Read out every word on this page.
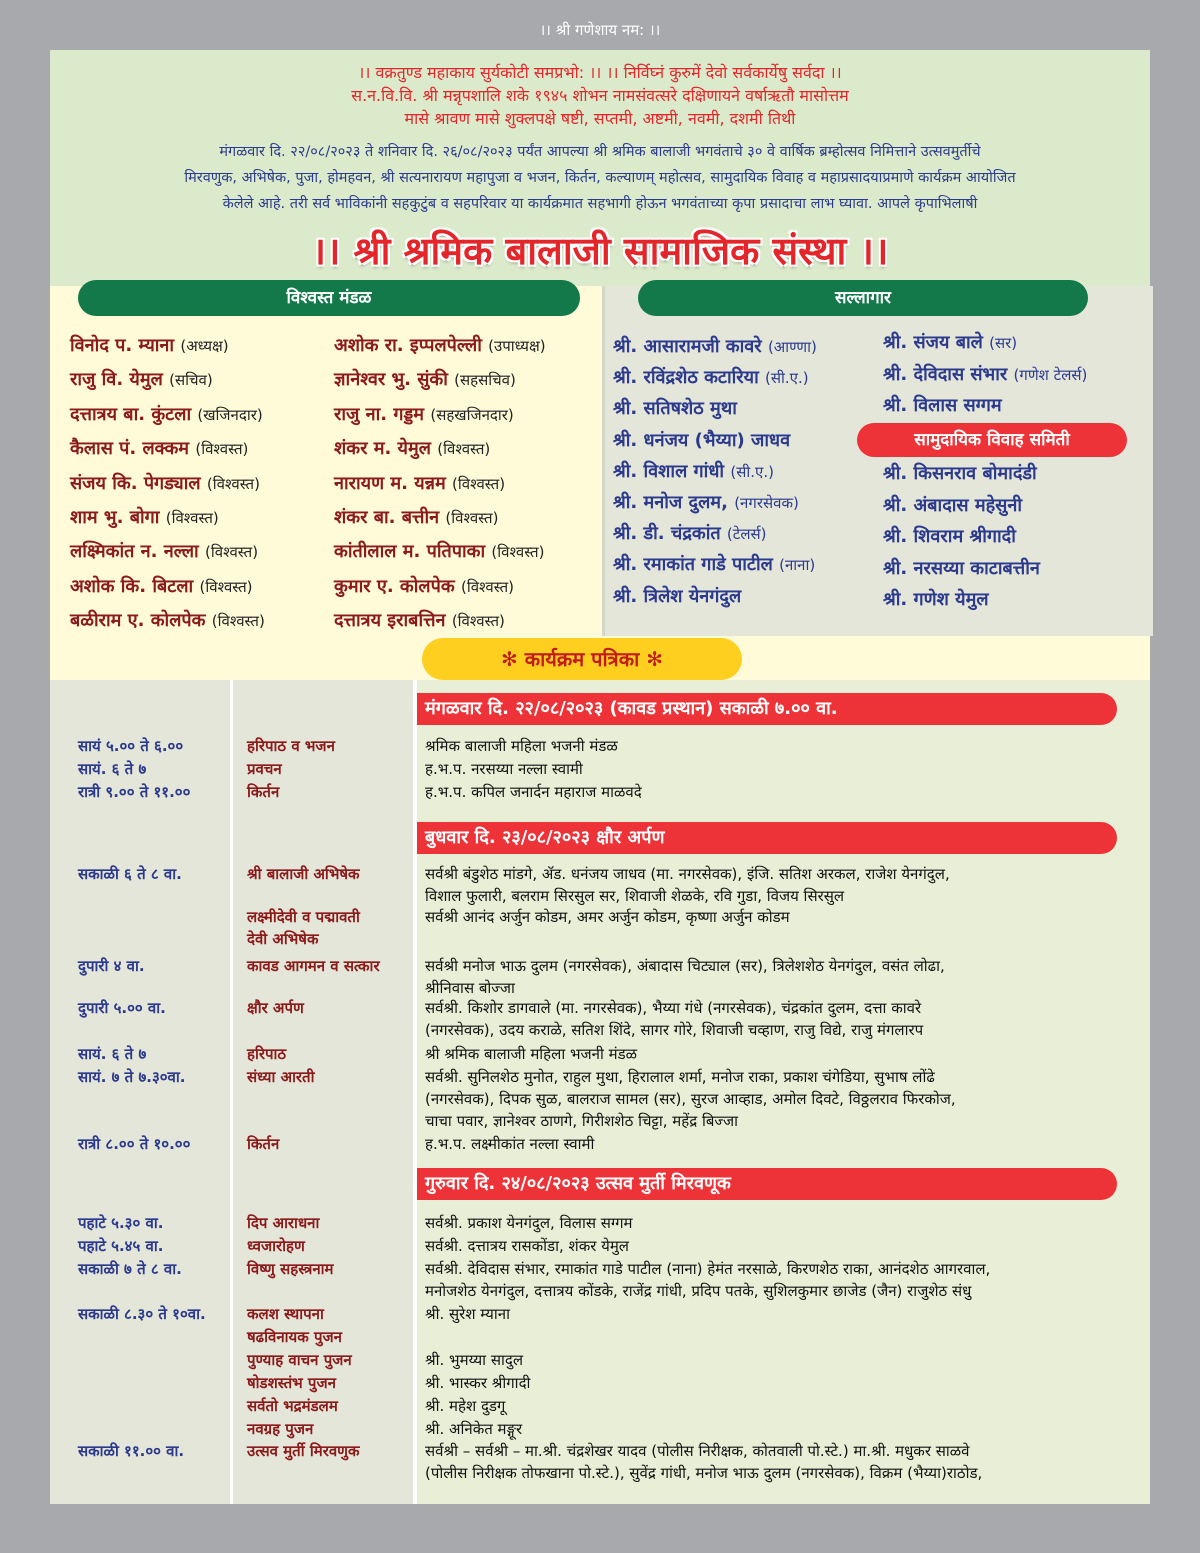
।। श्री गणेशाय नम: ।।
।। वक्रतुण्ड महाकाय सुर्यकोटी समप्रभो: ।। ।। निर्विघ्नं कुरुमें देवो सर्वकार्येषु सर्वदा ।।
स.न.वि.वि. श्री मन्नृपशालि शके १९४५ शोभन नामसंवत्सरे दक्षिणायने वर्षाऋतौ मासोत्तम
मासे श्रावण मासे शुक्लपक्षे षष्टी, सप्तमी, अष्टमी, नवमी, दशमी तिथी
मंगळवार दि. २२/०८/२०२३ ते शनिवार दि. २६/०८/२०२३ पर्यंत आपल्या श्री श्रमिक बालाजी भगवंताचे ३० वे वार्षिक ब्रम्होत्सव निमित्ताने उत्सवमुर्तीचे
मिरवणुक, अभिषेक, पुजा, होमहवन, श्री सत्यनारायण महापुजा व भजन, किर्तन, कल्याणम् महोत्सव, सामुदायिक विवाह व महाप्रसादयाप्रमाणे कार्यक्रम आयोजित
केलेले आहे. तरी सर्व भाविकांनी सहकुटुंब व सहपरिवार या कार्यक्रमात सहभागी होऊन भगवंताच्या कृपा प्रसादाचा लाभ घ्यावा. आपले कृपाभिलाषी
।। श्री श्रमिक बालाजी सामाजिक संस्था ।।
विश्वस्त मंडळ
विनोद प. म्याना (अध्यक्ष)
राजु वि. येमुल (सचिव)
दत्तात्रय बा. कुंटला (खजिनदार)
कैलास पं. लक्कम (विश्वस्त)
संजय कि. पेगड्याल (विश्वस्त)
शाम भु. बोगा (विश्वस्त)
लक्ष्मिकांत न. नल्ला (विश्वस्त)
अशोक कि. बिटला (विश्वस्त)
बळीराम ए. कोलपेक (विश्वस्त)
अशोक रा. इप्पलपेल्ली (उपाध्यक्ष)
ज्ञानेश्वर भु. सुंकी (सहसचिव)
राजु ना. गड्डम (सहखजिनदार)
शंकर म. येमुल (विश्वस्त)
नारायण म. यन्नम (विश्वस्त)
शंकर बा. बत्तीन (विश्वस्त)
कांतीलाल म. पतिपाका (विश्वस्त)
कुमार ए. कोलपेक (विश्वस्त)
दत्तात्रय इराबत्तिन (विश्वस्त)
सल्लागार
सामुदायिक विवाह समिती
श्री. आसारामजी कावरे (आण्णा)
श्री. रविंद्रशेठ कटारिया (सी.ए.)
श्री. सतिषशेठ मुथा
श्री. धनंजय (भैय्या) जाधव
श्री. विशाल गांधी (सी.ए.)
श्री. मनोज दुलम, (नगरसेवक)
श्री. डी. चंद्रकांत (टेलर्स)
श्री. रमाकांत गाडे पाटील (नाना)
श्री. त्रिलेश येनगंदुल
श्री. संजय बाले (सर)
श्री. देविदास संभार (गणेश टेलर्स)
श्री. विलास सग्गम
श्री. किसनराव बोमादंडी
श्री. अंबादास महेसुनी
श्री. शिवराम श्रीगादी
श्री. नरसय्या काटाबत्तीन
श्री. गणेश येमुल
✻ कार्यक्रम पत्रिका ✻
मंगळवार दि. २२/०८/२०२३ (कावड प्रस्थान) सकाळी ७.०० वा.
बुधवार दि. २३/०८/२०२३ क्षौर अर्पण
गुरुवार दि. २४/०८/२०२३ उत्सव मुर्ती मिरवणूक
सायं ५.०० ते ६.००
सायं. ६ ते ७
रात्री ९.०० ते ११.००
सकाळी ६ ते ८ वा.
दुपारी ४ वा.
दुपारी ५.०० वा.
सायं. ६ ते ७
सायं. ७ ते ७.३०वा.
रात्री ८.०० ते १०.००
पहाटे ५.३० वा.
पहाटे ५.४५ वा.
सकाळी ७ ते ८ वा.
सकाळी ८.३० ते १०वा.
सकाळी ११.०० वा.
हरिपाठ व भजन
प्रवचन
किर्तन
श्री बालाजी अभिषेक
लक्ष्मीदेवी व पद्मावती
देवी अभिषेक
कावड आगमन व सत्कार
क्षौर अर्पण
हरिपाठ
संध्या आरती
किर्तन
दिप आराधना
ध्वजारोहण
विष्णु सहस्त्रनाम
कलश स्थापना
षढविनायक पुजन
पुण्याह वाचन पुजन
षोडशस्तंभ पुजन
सर्वतो भद्रमंडलम
नवग्रह पुजन
उत्सव मुर्ती मिरवणुक
श्रमिक बालाजी महिला भजनी मंडळ
ह.भ.प. नरसय्या नल्ला स्वामी
ह.भ.प. कपिल जनार्दन महाराज माळवदे
सर्वश्री बंडुशेठ मांडगे, ॲड. धनंजय जाधव (मा. नगरसेवक), इंजि. सतिश अरकल, राजेश येनगंदुल,
विशाल फुलारी, बलराम सिरसुल सर, शिवाजी शेळके, रवि गुडा, विजय सिरसुल
सर्वश्री आनंद अर्जुन कोडम, अमर अर्जुन कोडम, कृष्णा अर्जुन कोडम
सर्वश्री मनोज भाऊ दुलम (नगरसेवक), अंबादास चिट्याल (सर), त्रिलेशशेठ येनगंदुल, वसंत लोढा,
श्रीनिवास बोज्जा
सर्वश्री. किशोर डागवाले (मा. नगरसेवक), भैय्या गंधे (नगरसेवक), चंद्रकांत दुलम, दत्ता कावरे
(नगरसेवक), उदय कराळे, सतिश शिंदे, सागर गोरे, शिवाजी चव्हाण, राजु विद्ये, राजु मंगलारप
श्री श्रमिक बालाजी महिला भजनी मंडळ
सर्वश्री. सुनिलशेठ मुनोत, राहुल मुथा, हिरालाल शर्मा, मनोज राका, प्रकाश चंगेडिया, सुभाष लोंढे
(नगरसेवक), दिपक सुळ, बालराज सामल (सर), सुरज आव्हाड, अमोल दिवटे, विठ्ठलराव फिरकोज,
चाचा पवार, ज्ञानेश्वर ठाणगे, गिरीशशेठ चिट्टा, महेंद्र बिज्जा
ह.भ.प. लक्ष्मीकांत नल्ला स्वामी
सर्वश्री. प्रकाश येनगंदुल, विलास सग्गम
सर्वश्री. दत्तात्रय रासकोंडा, शंकर येमुल
सर्वश्री. देविदास संभार, रमाकांत गाडे पाटील (नाना) हेमंत नरसाळे, किरणशेठ राका, आनंदशेठ आगरवाल,
मनोजशेठ येनगंदुल, दत्तात्रय कोंडके, राजेंद्र गांधी, प्रदिप पतके, सुशिलकुमार छाजेड (जैन) राजुशेठ संधु
श्री. सुरेश म्याना
श्री. भुमय्या सादुल
श्री. भास्कर श्रीगादी
श्री. महेश दुडगू
श्री. अनिकेत मङ्गूर
सर्वश्री – सर्वश्री – मा.श्री. चंद्रशेखर यादव (पोलीस निरीक्षक, कोतवाली पो.स्टे.) मा.श्री. मधुकर साळवे
(पोलीस निरीक्षक तोफखाना पो.स्टे.), सुवेंद्र गांधी, मनोज भाऊ दुलम (नगरसेवक), विक्रम (भैय्या)राठोड,
